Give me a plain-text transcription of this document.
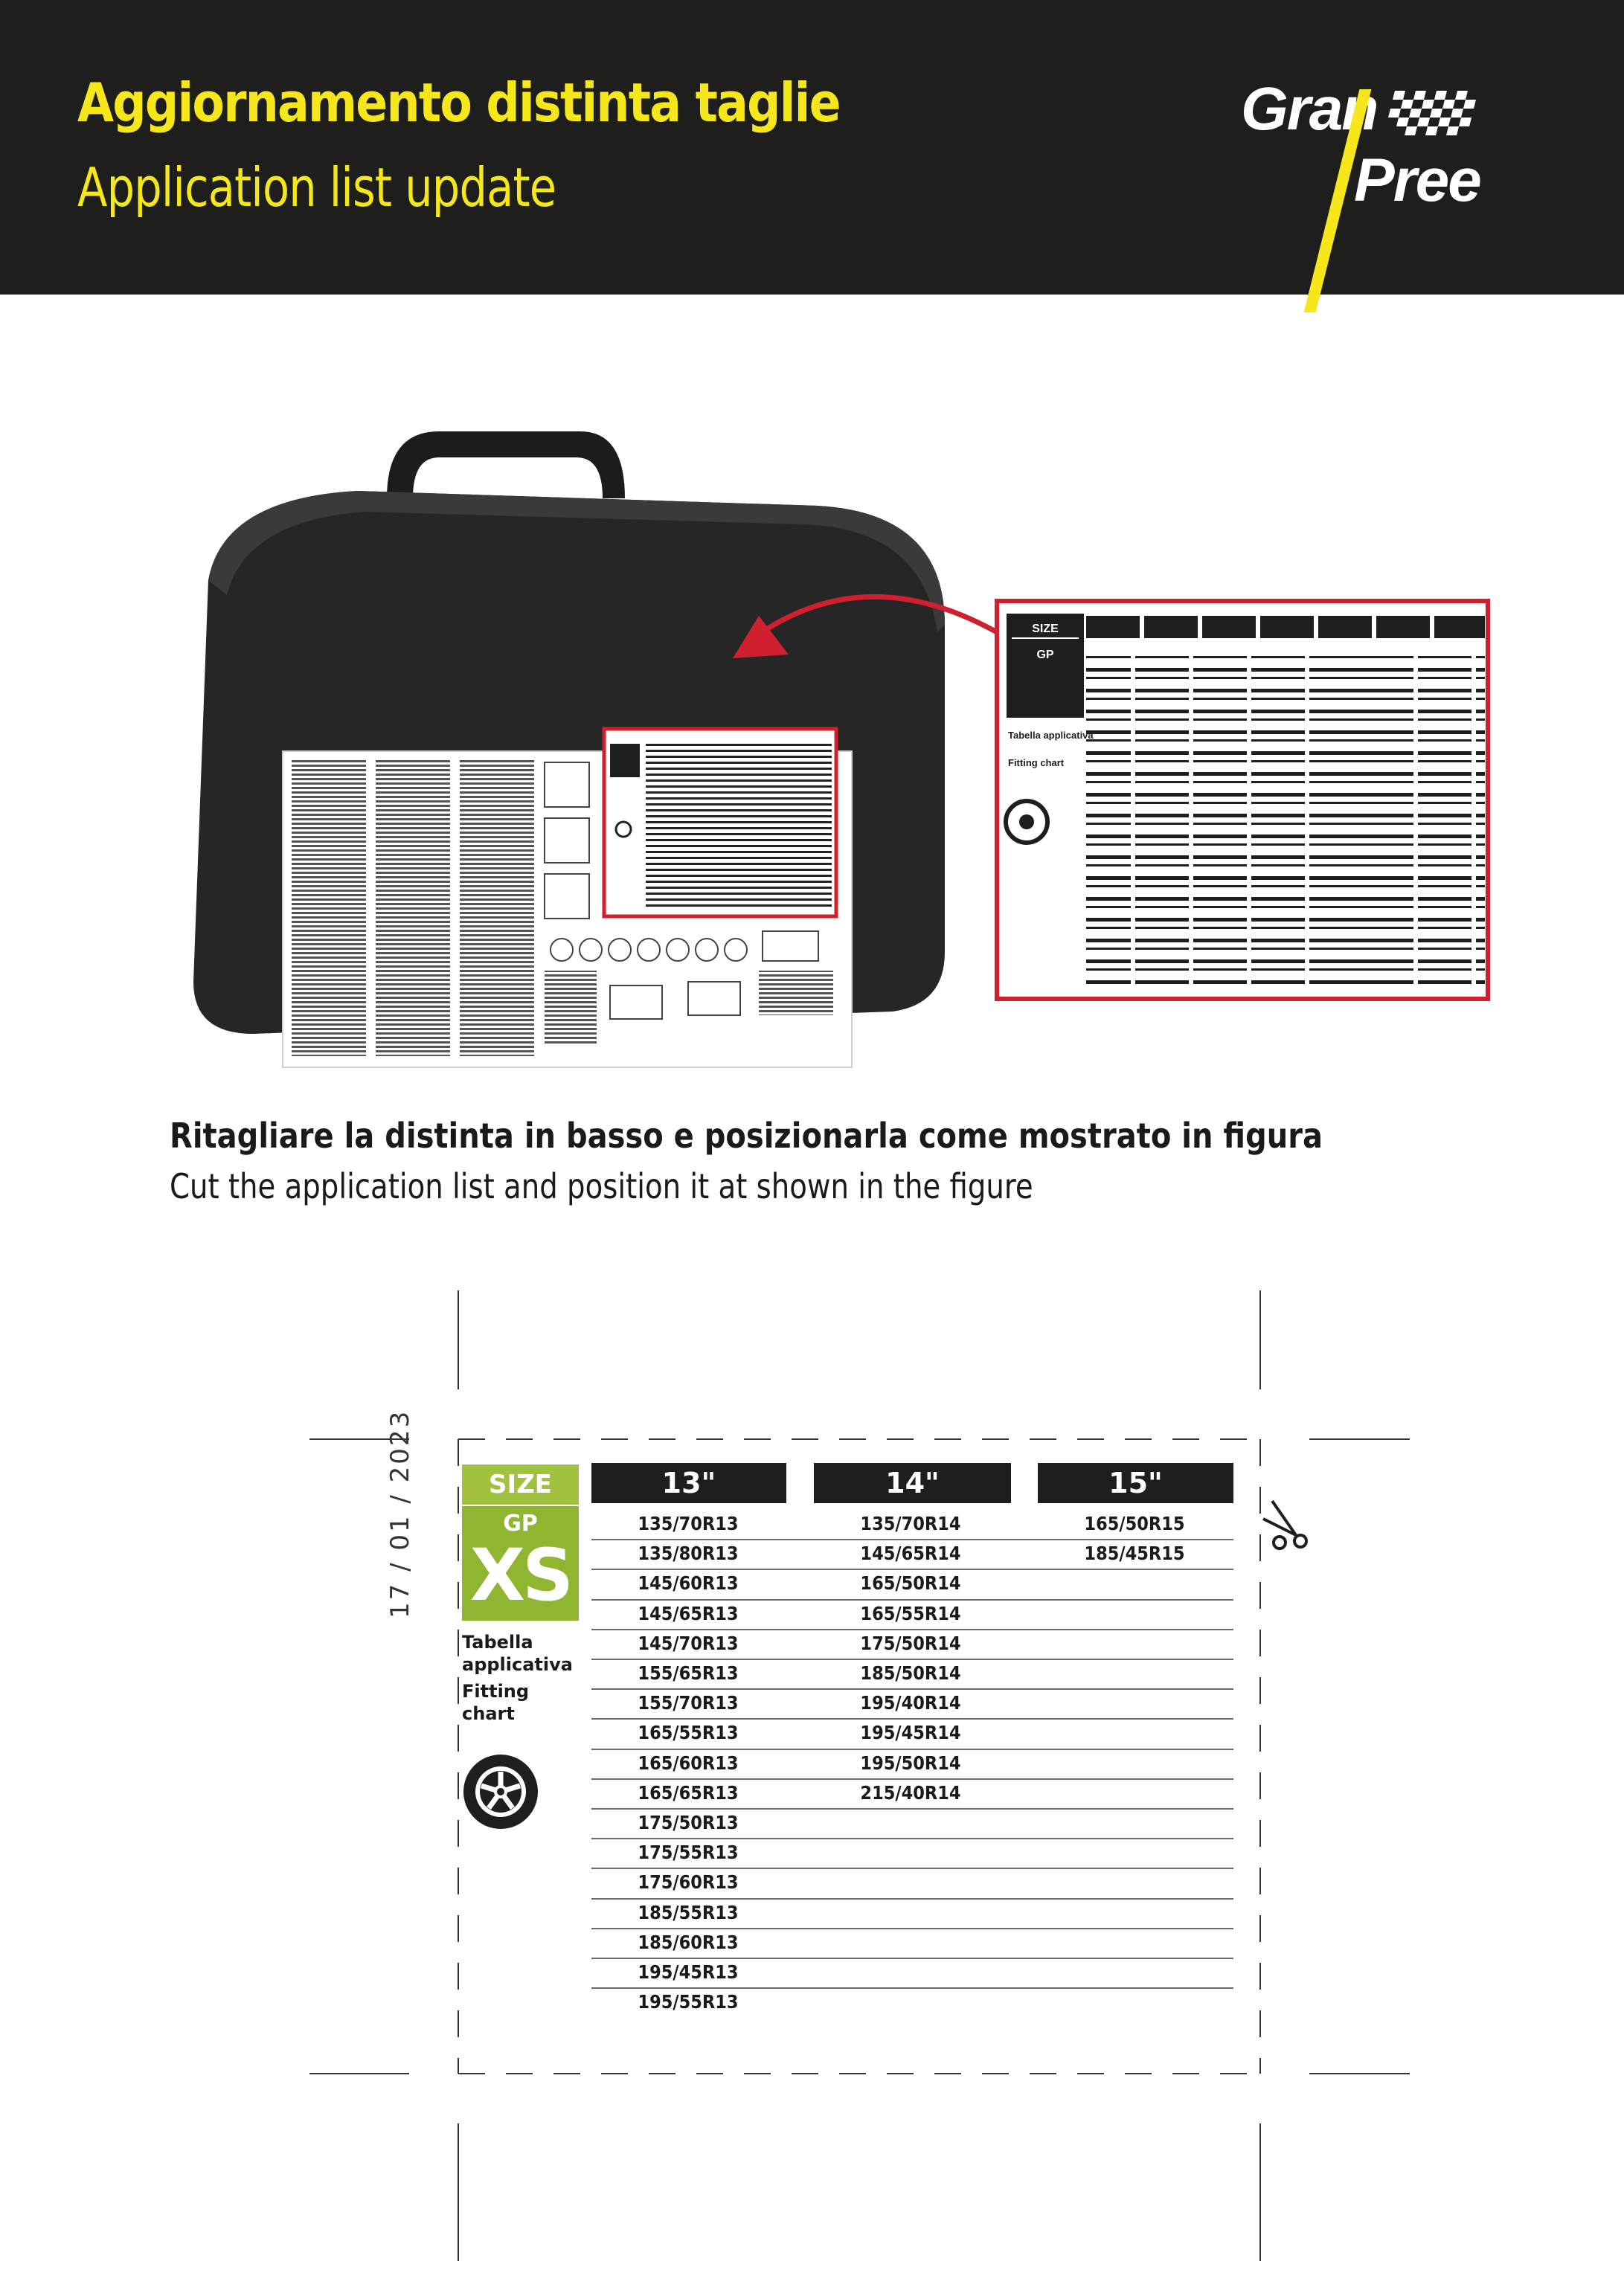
Aggiornamento distinta taglie
Application list update
Gran
Pree
SIZE
GP
Tabella applicativa
Fitting chart
Ritagliare la distinta in basso e posizionarla come mostrato in figura
Cut the application list and position it at shown in the figure
17 / 01 / 2023	SIZE
GP
XS
Tabella applicativa
Fitting chart
13"	14"	15"
135/70R13	135/70R14	165/50R15
135/80R13	145/65R14	185/45R15
145/60R13	165/50R14
145/65R13	165/55R14
145/70R13	175/50R14
155/65R13	185/50R14
155/70R13	195/40R14
165/55R13	195/45R14
165/60R13	195/50R14
165/65R13	215/40R14
175/50R13
175/55R13
175/60R13
185/55R13
185/60R13
195/45R13
195/55R13
